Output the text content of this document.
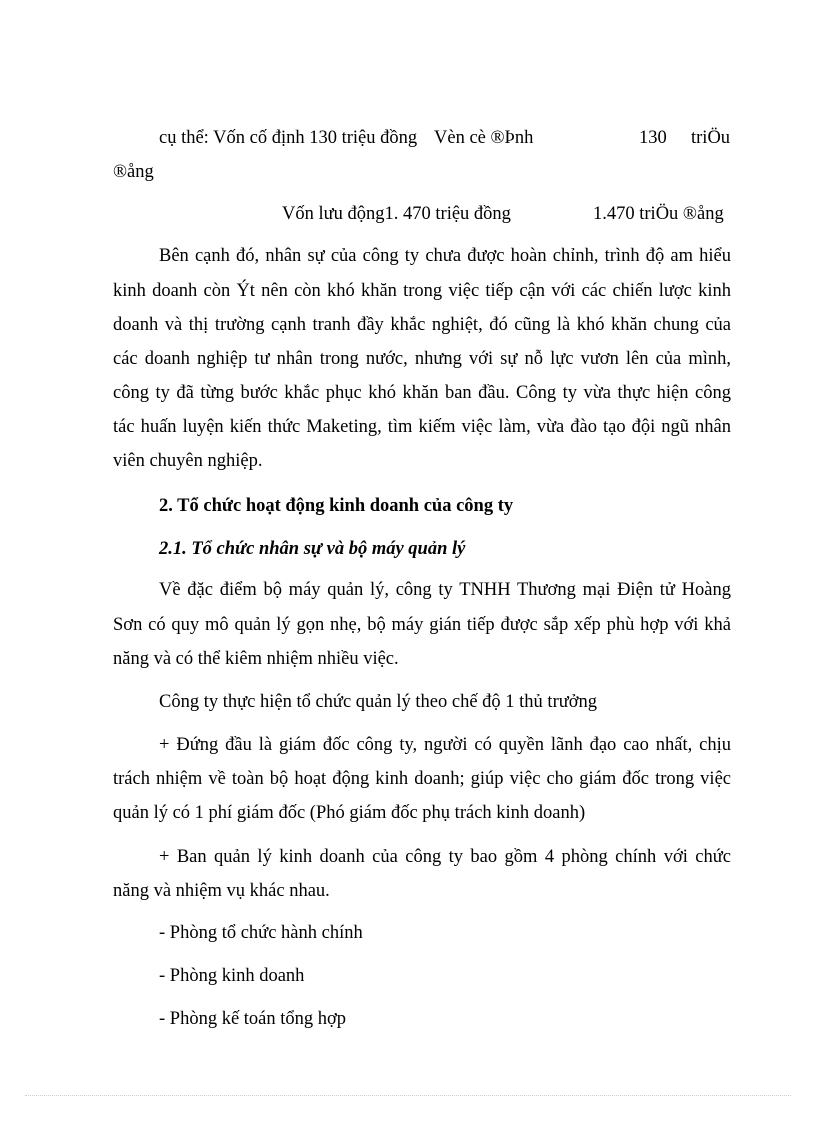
cụ thể: Vốn cố định 130 triệu đồng Vèn cè ®Þnh	130 triÖu
®ång
Vốn lưu động1. 470 triệu đồng	1.470 triÖu ®ång
Bên cạnh đó, nhân sự của công ty chưa được hoàn chỉnh, trình độ am hiểu
kinh doanh còn Ýt nên còn khó khăn trong việc tiếp cận với các chiến lược kinh
doanh và thị trường cạnh tranh đầy khắc nghiệt, đó cũng là khó khăn chung của
các doanh nghiệp tư nhân trong nước, nhưng với sự nỗ lực vươn lên của mình,
công ty đã từng bước khắc phục khó khăn ban đầu. Công ty vừa thực hiện công
tác huấn luyện kiến thức Maketing, tìm kiếm việc làm, vừa đào tạo đội ngũ nhân
viên chuyên nghiệp.
2. Tổ chức hoạt động kinh doanh của công ty
2.1. Tổ chức nhân sự và bộ máy quản lý
Về đặc điểm bộ máy quản lý, công ty TNHH Thương mại Điện tử Hoàng
Sơn có quy mô quản lý gọn nhẹ, bộ máy gián tiếp được sắp xếp phù hợp với khả
năng và có thể kiêm nhiệm nhiều việc.
Công ty thực hiện tổ chức quản lý theo chế độ 1 thủ trưởng
+ Đứng đầu là giám đốc công ty, người có quyền lãnh đạo cao nhất, chịu
trách nhiệm về toàn bộ hoạt động kinh doanh; giúp việc cho giám đốc trong việc
quản lý có 1 phí giám đốc (Phó giám đốc phụ trách kinh doanh)
+ Ban quản lý kinh doanh của công ty bao gồm 4 phòng chính với chức
năng và nhiệm vụ khác nhau.
- Phòng tổ chức hành chính
- Phòng kinh doanh
- Phòng kế toán tổng hợp
